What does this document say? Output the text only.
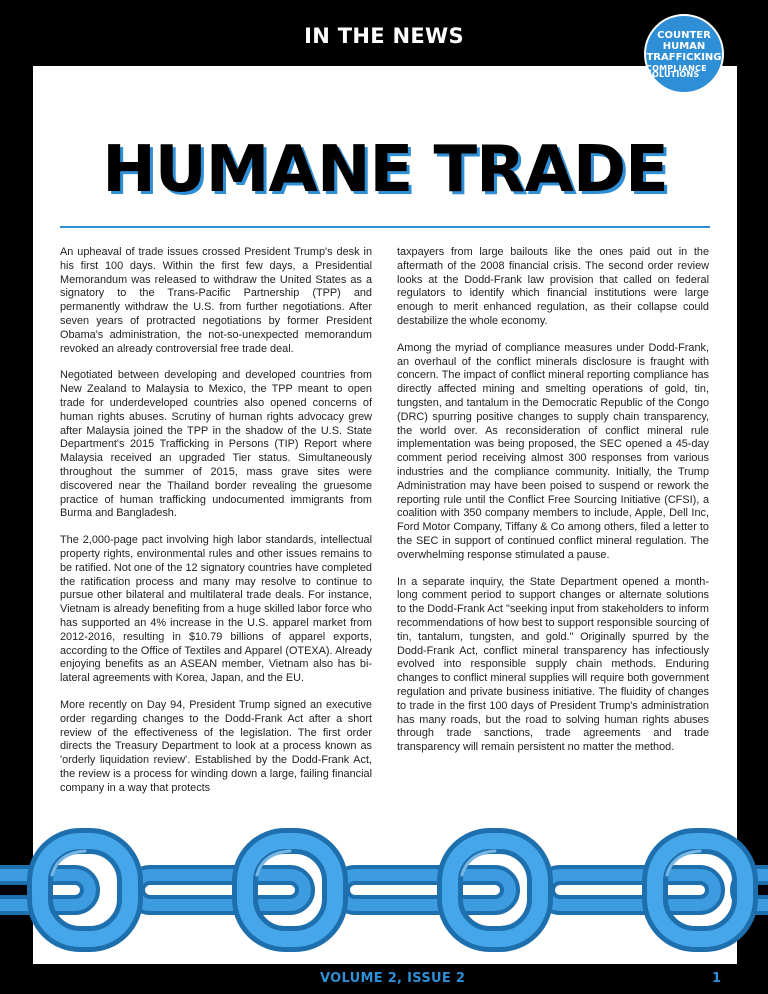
IN THE NEWS	COUNTER
HUMAN
TRAFFICKING
COMPLIANCE SOLUTIONS
HUMANE TRADE

An upheaval of trade issues crossed President Trump's desk in his first 100 days. Within the first few days, a Presidential Memorandum was released to withdraw the United States as a signatory to the Trans-Pacific Partnership (TPP) and permanently withdraw the U.S. from further negotiations. After seven years of protracted negotiations by former President Obama's administration, the not-so-unexpected memorandum revoked an already controversial free trade deal.

Negotiated between developing and developed countries from New Zealand to Malaysia to Mexico, the TPP meant to open trade for underdeveloped countries also opened concerns of human rights abuses. Scrutiny of human rights advocacy grew after Malaysia joined the TPP in the shadow of the U.S. State Department's 2015 Trafficking in Persons (TIP) Report where Malaysia received an upgraded Tier status. Simultaneously throughout the summer of 2015, mass grave sites were discovered near the Thailand border revealing the gruesome practice of human trafficking undocumented immigrants from Burma and Bangladesh.

The 2,000-page pact involving high labor standards, intellectual property rights, environmental rules and other issues remains to be ratified. Not one of the 12 signatory countries have completed the ratification process and many may resolve to continue to pursue other bilateral and multilateral trade deals. For instance, Vietnam is already benefiting from a huge skilled labor force who has supported an 4% increase in the U.S. apparel market from 2012-2016, resulting in $10.79 billions of apparel exports, according to the Office of Textiles and Apparel (OTEXA). Already enjoying benefits as an ASEAN member, Vietnam also has bi-lateral agreements with Korea, Japan, and the EU.

More recently on Day 94, President Trump signed an executive order regarding changes to the Dodd-Frank Act after a short review of the effectiveness of the legislation. The first order directs the Treasury Department to look at a process known as 'orderly liquidation review'. Established by the Dodd-Frank Act, the review is a process for winding down a large, failing financial company in a way that protects

taxpayers from large bailouts like the ones paid out in the aftermath of the 2008 financial crisis. The second order review looks at the Dodd-Frank law provision that called on federal regulators to identify which financial institutions were large enough to merit enhanced regulation, as their collapse could destabilize the whole economy.

Among the myriad of compliance measures under Dodd-Frank, an overhaul of the conflict minerals disclosure is fraught with concern. The impact of conflict mineral reporting compliance has directly affected mining and smelting operations of gold, tin, tungsten, and tantalum in the Democratic Republic of the Congo (DRC) spurring positive changes to supply chain transparency, the world over. As reconsideration of conflict mineral rule implementation was being proposed, the SEC opened a 45-day comment period receiving almost 300 responses from various industries and the compliance community. Initially, the Trump Administration may have been poised to suspend or rework the reporting rule until the Conflict Free Sourcing Initiative (CFSI), a coalition with 350 company members to include, Apple, Dell Inc, Ford Motor Company, Tiffany & Co among others, filed a letter to the SEC in support of continued conflict mineral regulation. The overwhelming response stimulated a pause.

In a separate inquiry, the State Department opened a month-long comment period to support changes or alternate solutions to the Dodd-Frank Act "seeking input from stakeholders to inform recommendations of how best to support responsible sourcing of tin, tantalum, tungsten, and gold." Originally spurred by the Dodd-Frank Act, conflict mineral transparency has infectiously evolved into responsible supply chain methods. Enduring changes to conflict mineral supplies will require both government regulation and private business initiative. The fluidity of changes to trade in the first 100 days of President Trump's administration has many roads, but the road to solving human rights abuses through trade sanctions, trade agreements and trade transparency will remain persistent no matter the method.

VOLUME 2, ISSUE 2	1
